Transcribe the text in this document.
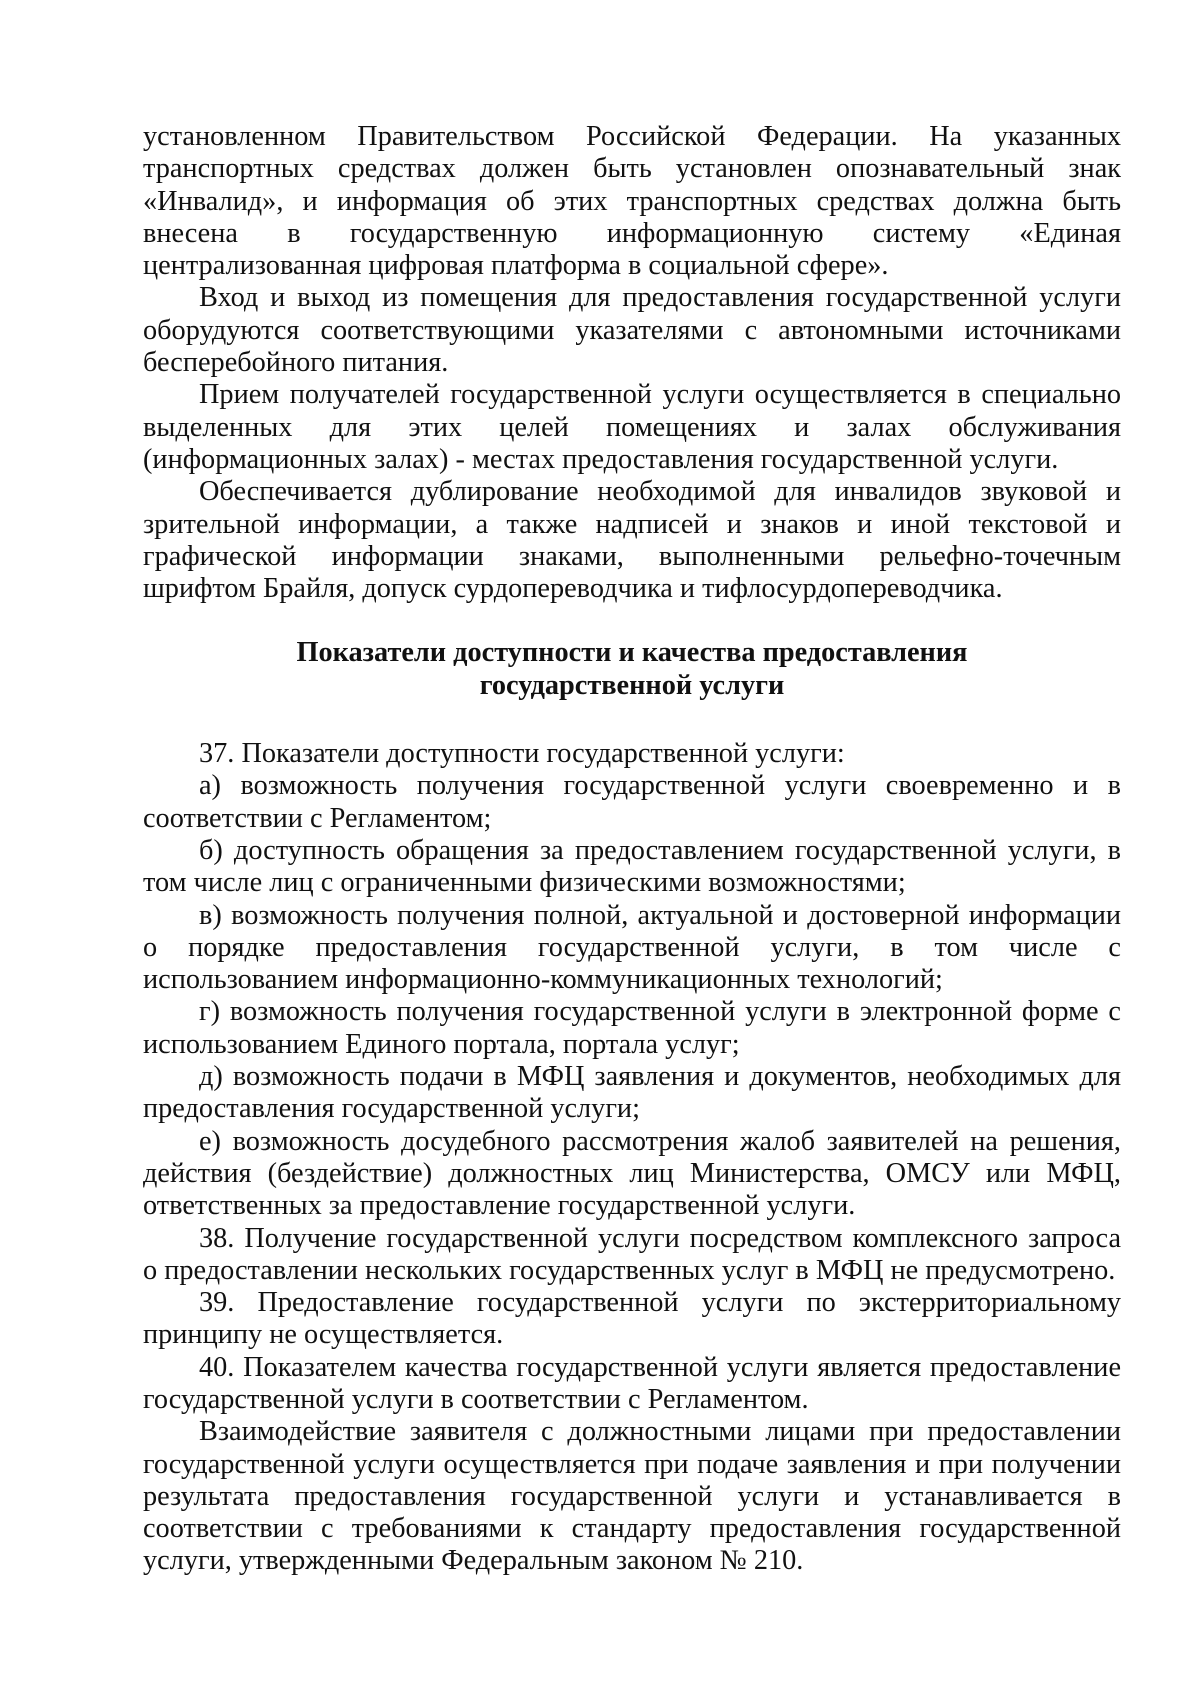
установленном Правительством Российской Федерации. На указанных транспортных средствах должен быть установлен опознавательный знак «Инвалид», и информация об этих транспортных средствах должна быть внесена в государственную информационную систему «Единая централизованная цифровая платформа в социальной сфере».

Вход и выход из помещения для предоставления государственной услуги оборудуются соответствующими указателями с автономными источниками бесперебойного питания.

Прием получателей государственной услуги осуществляется в специально выделенных для этих целей помещениях и залах обслуживания (информационных залах) - местах предоставления государственной услуги.

Обеспечивается дублирование необходимой для инвалидов звуковой и зрительной информации, а также надписей и знаков и иной текстовой и графической информации знаками, выполненными рельефно-точечным шрифтом Брайля, допуск сурдопереводчика и тифлосурдопереводчика.

Показатели доступности и качества предоставления
государственной услуги

37. Показатели доступности государственной услуги:

а) возможность получения государственной услуги своевременно и в соответствии с Регламентом;

б) доступность обращения за предоставлением государственной услуги, в том числе лиц с ограниченными физическими возможностями;

в) возможность получения полной, актуальной и достоверной информации о порядке предоставления государственной услуги, в том числе с использованием информационно-коммуникационных технологий;

г) возможность получения государственной услуги в электронной форме с использованием Единого портала, портала услуг;

д) возможность подачи в МФЦ заявления и документов, необходимых для предоставления государственной услуги;

е) возможность досудебного рассмотрения жалоб заявителей на решения, действия (бездействие) должностных лиц Министерства, ОМСУ или МФЦ, ответственных за предоставление государственной услуги.

38. Получение государственной услуги посредством комплексного запроса о предоставлении нескольких государственных услуг в МФЦ не предусмотрено.

39. Предоставление государственной услуги по экстерриториальному принципу не осуществляется.

40. Показателем качества государственной услуги является предоставление государственной услуги в соответствии с Регламентом.

Взаимодействие заявителя с должностными лицами при предоставлении государственной услуги осуществляется при подаче заявления и при получении результата предоставления государственной услуги и устанавливается в соответствии с требованиями к стандарту предоставления государственной услуги, утвержденными Федеральным законом № 210.
